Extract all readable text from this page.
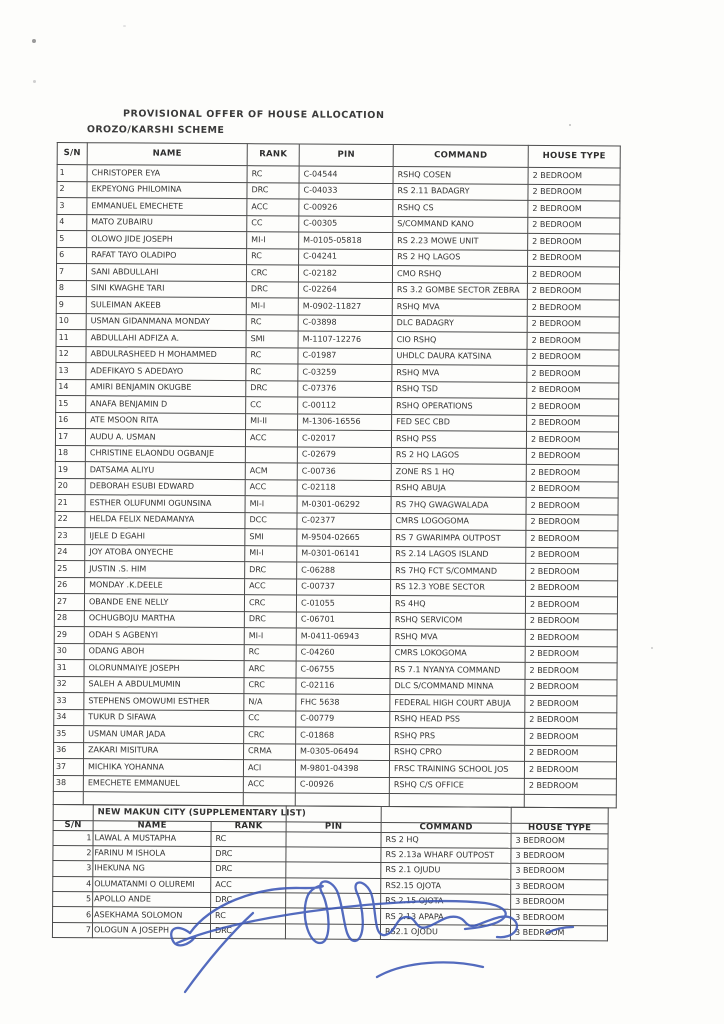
PROVISIONAL OFFER OF HOUSE ALLOCATION
OROZO/KARSHI SCHEME
S/N	NAME	RANK	PIN	COMMAND	HOUSE TYPE
1	CHRISTOPER EYA	RC	C-04544	RSHQ COSEN	2 BEDROOM
2	EKPEYONG PHILOMINA	DRC	C-04033	RS 2.11 BADAGRY	2 BEDROOM
3	EMMANUEL EMECHETE	ACC	C-00926	RSHQ CS	2 BEDROOM
4	MATO ZUBAIRU	CC	C-00305	S/COMMAND KANO	2 BEDROOM
5	OLOWO JIDE JOSEPH	MI-I	M-0105-05818	RS 2.23 MOWE UNIT	2 BEDROOM
6	RAFAT TAYO OLADIPO	RC	C-04241	RS 2 HQ LAGOS	2 BEDROOM
7	SANI ABDULLAHI	CRC	C-02182	CMO RSHQ	2 BEDROOM
8	SINI KWAGHE TARI	DRC	C-02264	RS 3.2 GOMBE SECTOR ZEBRA	2 BEDROOM
9	SULEIMAN AKEEB	MI-I	M-0902-11827	RSHQ MVA	2 BEDROOM
10	USMAN GIDANMANA MONDAY	RC	C-03898	DLC BADAGRY	2 BEDROOM
11	ABDULLAHI ADFIZA A.	SMI	M-1107-12276	CIO RSHQ	2 BEDROOM
12	ABDULRASHEED H MOHAMMED	RC	C-01987	UHDLC DAURA KATSINA	2 BEDROOM
13	ADEFIKAYO S ADEDAYO	RC	C-03259	RSHQ MVA	2 BEDROOM
14	AMIRI BENJAMIN OKUGBE	DRC	C-07376	RSHQ TSD	2 BEDROOM
15	ANAFA BENJAMIN D	CC	C-00112	RSHQ OPERATIONS	2 BEDROOM
16	ATE MSOON RITA	MI-II	M-1306-16556	FED SEC CBD	2 BEDROOM
17	AUDU A. USMAN	ACC	C-02017	RSHQ PSS	2 BEDROOM
18	CHRISTINE ELAONDU OGBANJE		C-02679	RS 2 HQ LAGOS	2 BEDROOM
19	DATSAMA ALIYU	ACM	C-00736	ZONE RS 1 HQ	2 BEDROOM
20	DEBORAH ESUBI EDWARD	ACC	C-02118	RSHQ ABUJA	2 BEDROOM
21	ESTHER OLUFUNMI OGUNSINA	MI-I	M-0301-06292	RS 7HQ GWAGWALADA	2 BEDROOM
22	HELDA FELIX NEDAMANYA	DCC	C-02377	CMRS LOGOGOMA	2 BEDROOM
23	IJELE D EGAHI	SMI	M-9504-02665	RS 7 GWARIMPA OUTPOST	2 BEDROOM
24	JOY ATOBA ONYECHE	MI-I	M-0301-06141	RS 2.14 LAGOS ISLAND	2 BEDROOM
25	JUSTIN .S. HIM	DRC	C-06288	RS 7HQ FCT S/COMMAND	2 BEDROOM
26	MONDAY .K.DEELE	ACC	C-00737	RS 12.3 YOBE SECTOR	2 BEDROOM
27	OBANDE ENE NELLY	CRC	C-01055	RS 4HQ	2 BEDROOM
28	OCHUGBOJU MARTHA	DRC	C-06701	RSHQ SERVICOM	2 BEDROOM
29	ODAH S AGBENYI	MI-I	M-0411-06943	RSHQ MVA	2 BEDROOM
30	ODANG ABOH	RC	C-04260	CMRS LOKOGOMA	2 BEDROOM
31	OLORUNMAIYE JOSEPH	ARC	C-06755	RS 7.1 NYANYA COMMAND	2 BEDROOM
32	SALEH A ABDULMUMIN	CRC	C-02116	DLC S/COMMAND MINNA	2 BEDROOM
33	STEPHENS OMOWUMI ESTHER	N/A	FHC 5638	FEDERAL HIGH COURT ABUJA	2 BEDROOM
34	TUKUR D SIFAWA	CC	C-00779	RSHQ HEAD PSS	2 BEDROOM
35	USMAN UMAR JADA	CRC	C-01868	RSHQ PRS	2 BEDROOM
36	ZAKARI MISITURA	CRMA	M-0305-06494	RSHQ CPRO	2 BEDROOM
37	MICHIKA YOHANNA	ACI	M-9801-04398	FRSC TRAINING SCHOOL JOS	2 BEDROOM
38	EMECHETE EMMANUEL	ACC	C-00926	RSHQ C/S OFFICE	2 BEDROOM

	NEW MAKUN CITY (SUPPLEMENTARY LIST)				
S/N	NAME	RANK	PIN	COMMAND	HOUSE TYPE
1	LAWAL A MUSTAPHA	RC		RS 2 HQ	3 BEDROOM
2	FARINU M ISHOLA	DRC		RS 2.13a WHARF OUTPOST	3 BEDROOM
3	IHEKUNA NG	DRC		RS 2.1 OJUDU	3 BEDROOM
4	OLUMATANMI O OLUREMI	ACC		RS2.15 OJOTA	3 BEDROOM
5	APOLLO ANDE	DRC		RS 2.15 OJOTA	3 BEDROOM
6	ASEKHAMA SOLOMON	RC		RS 2.13 APAPA	3 BEDROOM
7	OLOGUN A JOSEPH	DRC		RS2.1 OJODU	3 BEDROOM
